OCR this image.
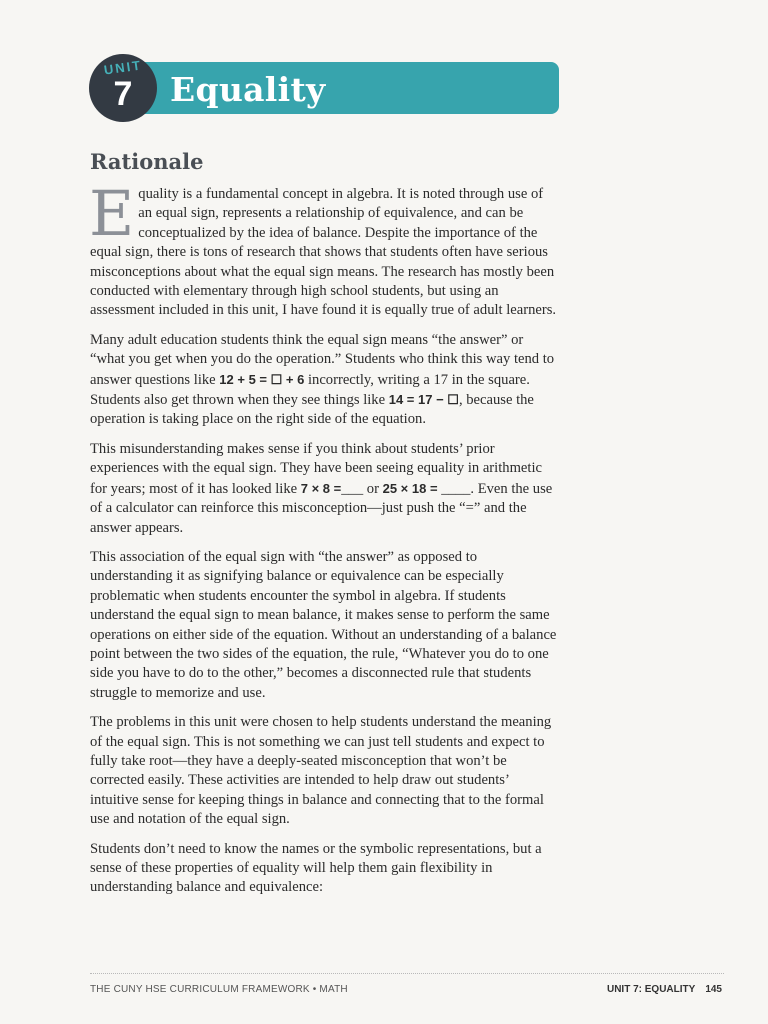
Equality
UNIT
7
Rationale

Equality is a fundamental concept in algebra. It is noted through use of an equal sign, represents a relationship of equivalence, and can be conceptualized by the idea of balance. Despite the importance of the equal sign, there is tons of research that shows that students often have serious misconceptions about what the equal sign means. The research has mostly been conducted with elementary through high school students, but using an assessment included in this unit, I have found it is equally true of adult learners.

Many adult education students think the equal sign means “the answer” or “what you get when you do the operation.” Students who think this way tend to answer questions like 12 + 5 = ☐ + 6 incorrectly, writing a 17 in the square. Students also get thrown when they see things like 14 = 17 − ☐, because the operation is taking place on the right side of the equation.

This misunderstanding makes sense if you think about students’ prior experiences with the equal sign. They have been seeing equality in arithmetic for years; most of it has looked like 7 × 8 =___ or 25 × 18 = ____. Even the use of a calculator can reinforce this misconception—just push the “=” and the answer appears.

This association of the equal sign with “the answer” as opposed to understanding it as signifying balance or equivalence can be especially problematic when students encounter the symbol in algebra. If students understand the equal sign to mean balance, it makes sense to perform the same operations on either side of the equation. Without an understanding of a balance point between the two sides of the equation, the rule, “Whatever you do to one side you have to do to the other,” becomes a disconnected rule that students struggle to memorize and use.

The problems in this unit were chosen to help students understand the meaning of the equal sign. This is not something we can just tell students and expect to fully take root—they have a deeply-seated misconception that won’t be corrected easily. These activities are intended to help draw out students’ intuitive sense for keeping things in balance and connecting that to the formal use and notation of the equal sign.

Students don’t need to know the names or the symbolic representations, but a sense of these properties of equality will help them gain flexibility in understanding balance and equivalence:

THE CUNY HSE CURRICULUM FRAMEWORK • MATH	UNIT 7: EQUALITY 145
